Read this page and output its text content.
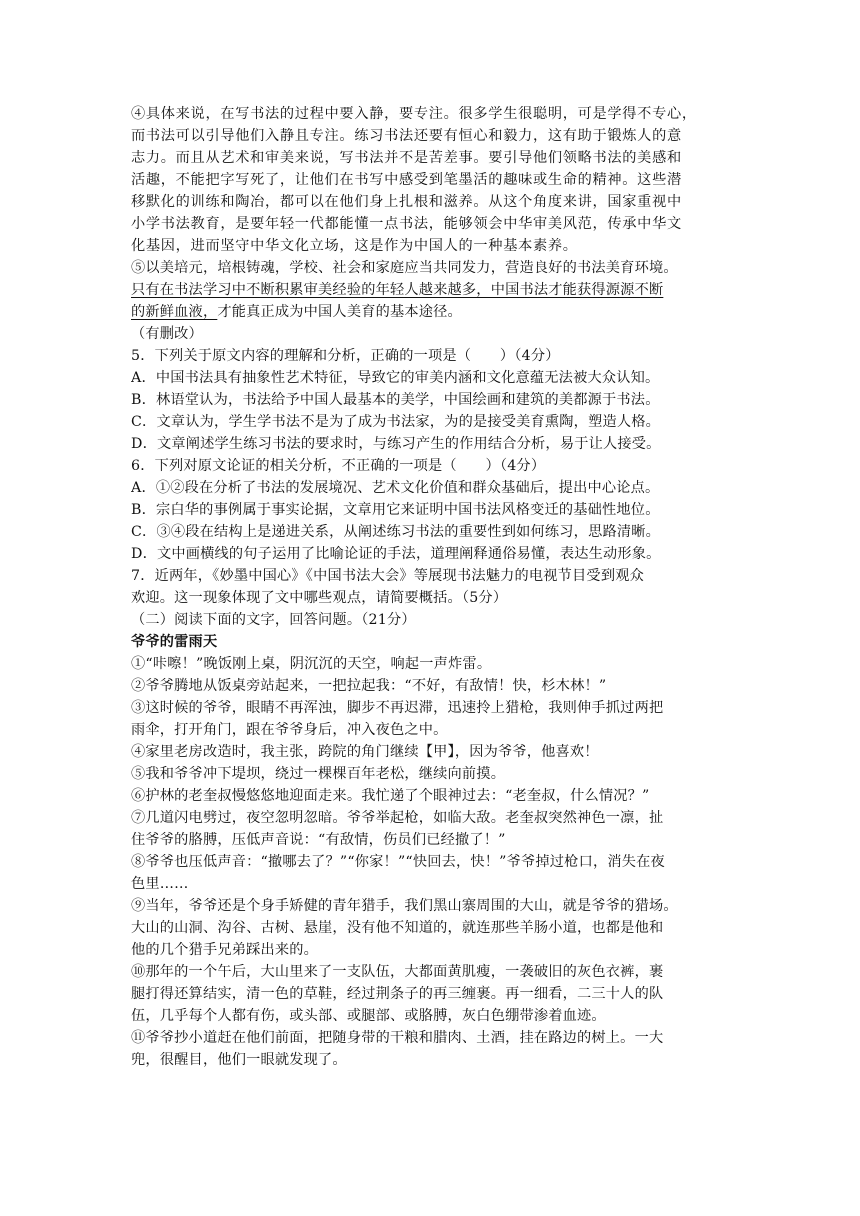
④具体来说，在写书法的过程中要入静，要专注。很多学生很聪明，可是学得不专心，
而书法可以引导他们入静且专注。练习书法还要有恒心和毅力，这有助于锻炼人的意
志力。而且从艺术和审美来说，写书法并不是苦差事。要引导他们领略书法的美感和
活趣，不能把字写死了，让他们在书写中感受到笔墨活的趣味或生命的精神。这些潜
移默化的训练和陶冶，都可以在他们身上扎根和滋养。从这个角度来讲，国家重视中
小学书法教育，是要年轻一代都能懂一点书法，能够领会中华审美风范，传承中华文
化基因，进而坚守中华文化立场，这是作为中国人的一种基本素养。
⑤以美培元，培根铸魂，学校、社会和家庭应当共同发力，营造良好的书法美育环境。
只有在书法学习中不断积累审美经验的年轻人越来越多，中国书法才能获得源源不断
的新鲜血液，才能真正成为中国人美育的基本途径。
（有删改）
5．下列关于原文内容的理解和分析，正确的一项是（　　）（4分）
A．中国书法具有抽象性艺术特征，导致它的审美内涵和文化意蕴无法被大众认知。
B．林语堂认为，书法给予中国人最基本的美学，中国绘画和建筑的美都源于书法。
C．文章认为，学生学书法不是为了成为书法家，为的是接受美育熏陶，塑造人格。
D．文章阐述学生练习书法的要求时，与练习产生的作用结合分析，易于让人接受。
6．下列对原文论证的相关分析，不正确的一项是（　　）（4分）
A．①②段在分析了书法的发展境况、艺术文化价值和群众基础后，提出中心论点。
B．宗白华的事例属于事实论据，文章用它来证明中国书法风格变迁的基础性地位。
C．③④段在结构上是递进关系，从阐述练习书法的重要性到如何练习，思路清晰。
D．文中画横线的句子运用了比喻论证的手法，道理阐释通俗易懂，表达生动形象。
7．近两年，《妙墨中国心》《中国书法大会》等展现书法魅力的电视节目受到观众
欢迎。这一现象体现了文中哪些观点，请简要概括。（5分）
（二）阅读下面的文字，回答问题。（21分）
爷爷的雷雨天
①“咔嚓！”晚饭刚上桌，阴沉沉的天空，响起一声炸雷。
②爷爷腾地从饭桌旁站起来，一把拉起我：“不好，有敌情！快，杉木林！”
③这时候的爷爷，眼睛不再浑浊，脚步不再迟滞，迅速拎上猎枪，我则伸手抓过两把
雨伞，打开角门，跟在爷爷身后，冲入夜色之中。
④家里老房改造时，我主张，跨院的角门继续【甲】，因为爷爷，他喜欢！
⑤我和爷爷冲下堤坝，绕过一棵棵百年老松，继续向前摸。
⑥护林的老奎叔慢悠悠地迎面走来。我忙递了个眼神过去：“老奎叔，什么情况？”
⑦几道闪电劈过，夜空忽明忽暗。爷爷举起枪，如临大敌。老奎叔突然神色一凛，扯
住爷爷的胳膊，压低声音说：“有敌情，伤员们已经撤了！”
⑧爷爷也压低声音：“撤哪去了？”“你家！”“快回去，快！”爷爷掉过枪口，消失在夜
色里……
⑨当年，爷爷还是个身手矫健的青年猎手，我们黑山寨周围的大山，就是爷爷的猎场。
大山的山洞、沟谷、古树、悬崖，没有他不知道的，就连那些羊肠小道，也都是他和
他的几个猎手兄弟踩出来的。
⑩那年的一个午后，大山里来了一支队伍，大都面黄肌瘦，一袭破旧的灰色衣裤，裹
腿打得还算结实，清一色的草鞋，经过荆条子的再三缠裹。再一细看，二三十人的队
伍，几乎每个人都有伤，或头部、或腿部、或胳膊，灰白色绷带渗着血迹。
⑪爷爷抄小道赶在他们前面，把随身带的干粮和腊肉、土酒，挂在路边的树上。一大
兜，很醒目，他们一眼就发现了。
